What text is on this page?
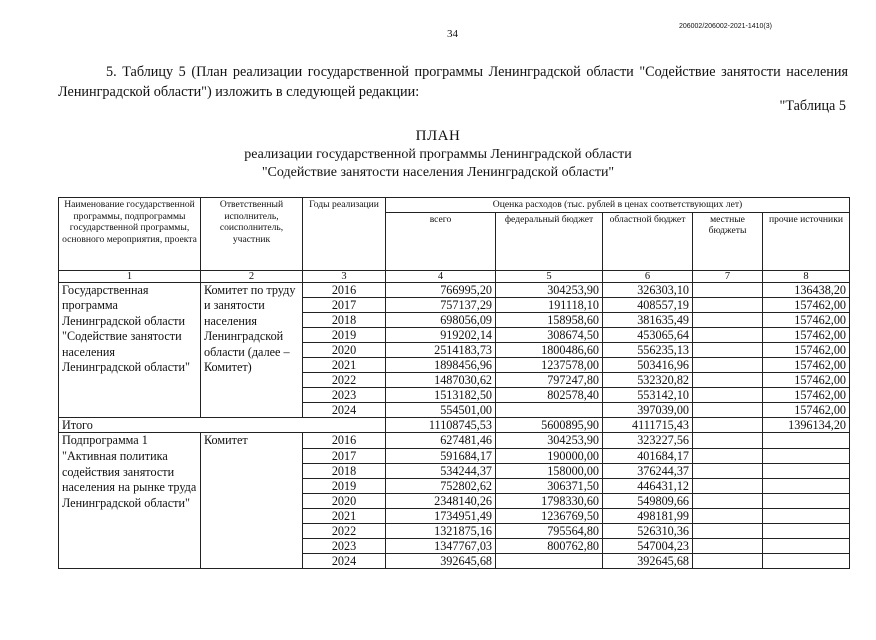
34
206002/206002-2021-1410(3)
5. Таблицу 5 (План реализации государственной программы Ленинградской области "Содействие занятости населения Ленинградской области") изложить в следующей редакции:
"Таблица 5
ПЛАН
реализации государственной программы Ленинградской области
"Содействие занятости населения Ленинградской области"
Наименование государственной программы, подпрограммы государственной программы, основного мероприятия, проекта	Ответственный исполнитель, соисполнитель, участник	Годы реализации	Оценка расходов (тыс. рублей в ценах соответствующих лет)				
			всего	федеральный бюджет	областной бюджет	местные бюджеты	прочие источники
1	2	3	4	5	6	7	8
Государственная программа Ленинградской области "Содействие занятости населения Ленинградской области"	Комитет по труду и занятости населения Ленинградской области (далее – Комитет)	2016	766995,20	304253,90	326303,10		136438,20
		2017	757137,29	191118,10	408557,19		157462,00
		2018	698056,09	158958,60	381635,49		157462,00
		2019	919202,14	308674,50	453065,64		157462,00
		2020	2514183,73	1800486,60	556235,13		157462,00
		2021	1898456,96	1237578,00	503416,96		157462,00
		2022	1487030,62	797247,80	532320,82		157462,00
		2023	1513182,50	802578,40	553142,10		157462,00
		2024	554501,00		397039,00		157462,00
Итого			11108745,53	5600895,90	4111715,43		1396134,20
Подпрограмма 1 "Активная политика содействия занятости населения на рынке труда Ленинградской области"	Комитет	2016	627481,46	304253,90	323227,56		
		2017	591684,17	190000,00	401684,17		
		2018	534244,37	158000,00	376244,37		
		2019	752802,62	306371,50	446431,12		
		2020	2348140,26	1798330,60	549809,66		
		2021	1734951,49	1236769,50	498181,99		
		2022	1321875,16	795564,80	526310,36		
		2023	1347767,03	800762,80	547004,23		
		2024	392645,68		392645,68		
